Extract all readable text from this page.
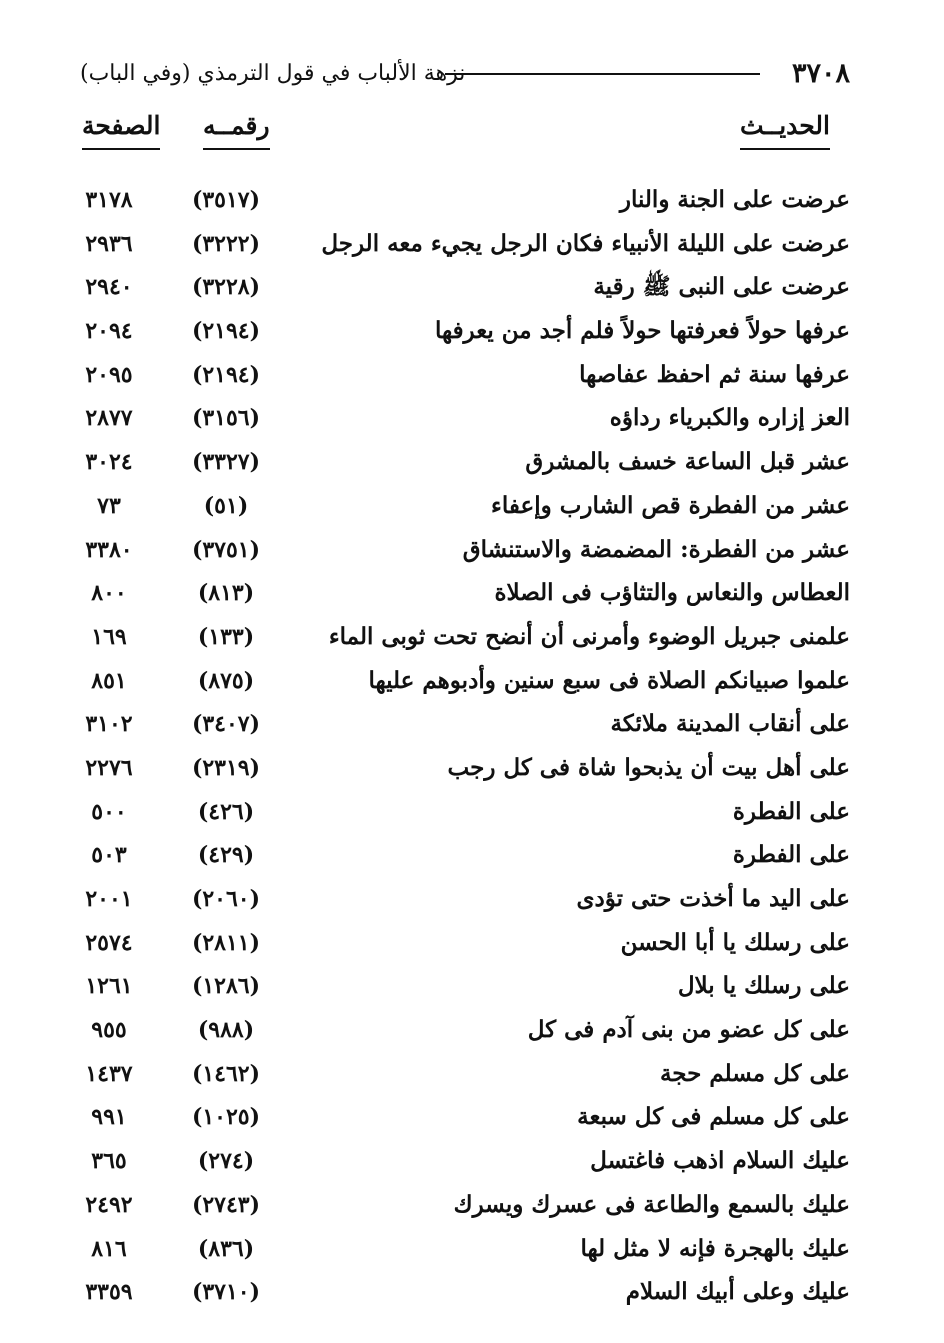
٣٧٠٨
نزهة الألباب في قول الترمذي (وفي الباب)
الحديــث
رقمــه
الصفحة
عرضت على الجنة والنار
(٣٥١٧)
٣١٧٨
عرضت على الليلة الأنبياء فكان الرجل يجيء معه الرجل
(٣٢٢٢)
٢٩٣٦
عرضت على النبى ﷺ رقية
(٣٢٢٨)
٢٩٤٠
عرفها حولاً فعرفتها حولاً فلم أجد من يعرفها
(٢١٩٤)
٢٠٩٤
عرفها سنة ثم احفظ عفاصها
(٢١٩٤)
٢٠٩٥
العز إزاره والكبرياء رداؤه
(٣١٥٦)
٢٨٧٧
عشر قبل الساعة خسف بالمشرق
(٣٣٢٧)
٣٠٢٤
عشر من الفطرة قص الشارب وإعفاء
(٥١)
٧٣
عشر من الفطرة: المضمضة والاستنشاق
(٣٧٥١)
٣٣٨٠
العطاس والنعاس والتثاؤب فى الصلاة
(٨١٣)
٨٠٠
علمنى جبريل الوضوء وأمرنى أن أنضح تحت ثوبى الماء
(١٣٣)
١٦٩
علموا صبيانكم الصلاة فى سبع سنين وأدبوهم عليها
(٨٧٥)
٨٥١
على أنقاب المدينة ملائكة
(٣٤٠٧)
٣١٠٢
على أهل بيت أن يذبحوا شاة فى كل رجب
(٢٣١٩)
٢٢٧٦
على الفطرة
(٤٢٦)
٥٠٠
على الفطرة
(٤٢٩)
٥٠٣
على اليد ما أخذت حتى تؤدى
(٢٠٦٠)
٢٠٠١
على رسلك يا أبا الحسن
(٢٨١١)
٢٥٧٤
على رسلك يا بلال
(١٢٨٦)
١٢٦١
على كل عضو من بنى آدم فى كل
(٩٨٨)
٩٥٥
على كل مسلم حجة
(١٤٦٢)
١٤٣٧
على كل مسلم فى كل سبعة
(١٠٢٥)
٩٩١
عليك السلام اذهب فاغتسل
(٢٧٤)
٣٦٥
عليك بالسمع والطاعة فى عسرك ويسرك
(٢٧٤٣)
٢٤٩٢
عليك بالهجرة فإنه لا مثل لها
(٨٣٦)
٨١٦
عليك وعلى أبيك السلام
(٣٧١٠)
٣٣٥٩
